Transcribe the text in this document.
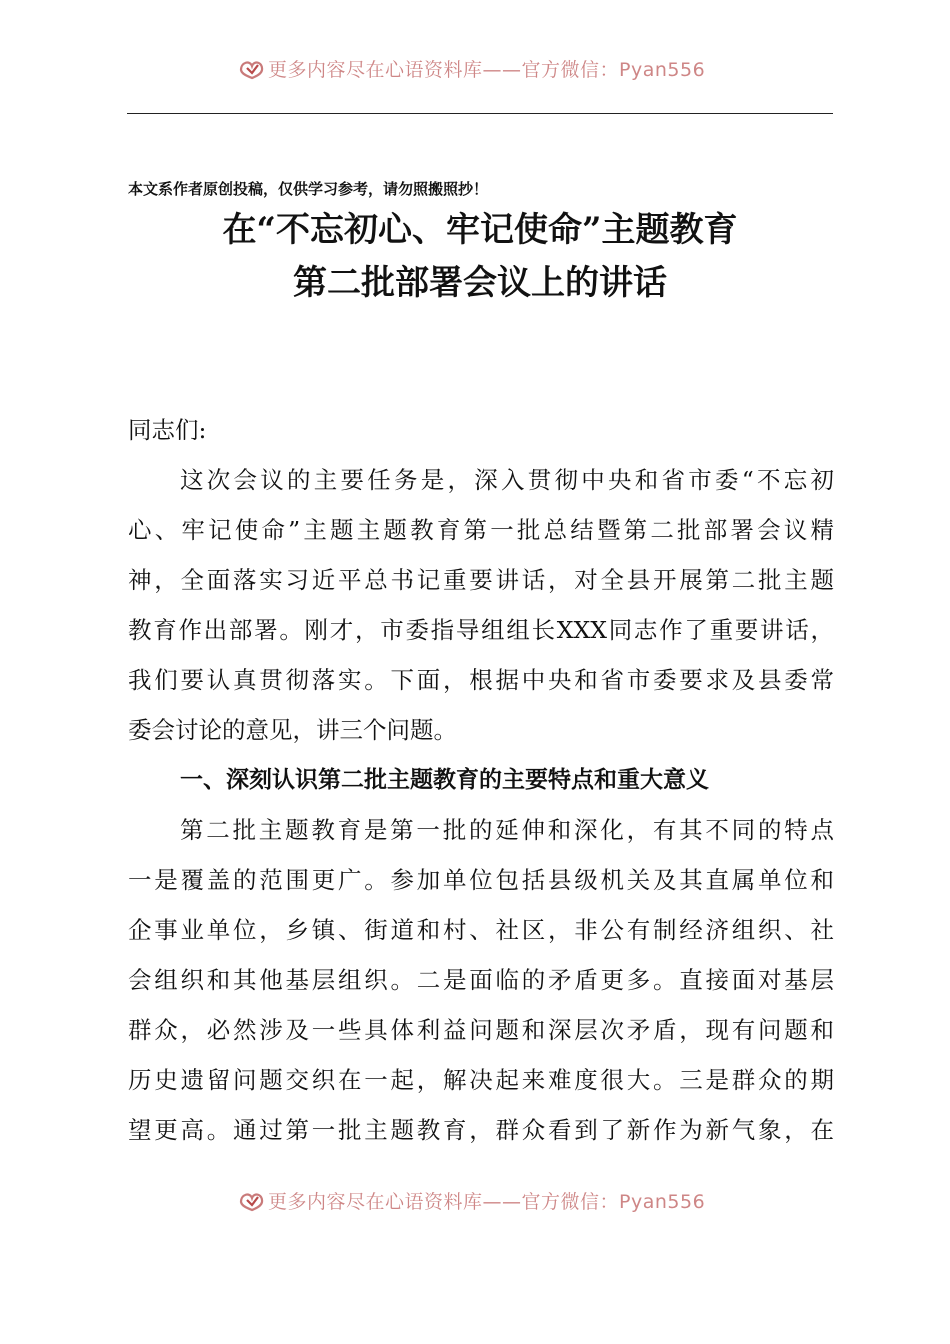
更多内容尽在心语资料库——官方微信：Pyan556
本文系作者原创投稿，仅供学习参考，请勿照搬照抄！
在“不忘初心、牢记使命”主题教育
第二批部署会议上的讲话
同志们:
这次会议的主要任务是，深入贯彻中央和省市委“不忘初
心、牢记使命”主题主题教育第一批总结暨第二批部署会议精
神，全面落实习近平总书记重要讲话，对全县开展第二批主题
教育作出部署。刚才，市委指导组组长XXX同志作了重要讲话，
我们要认真贯彻落实。下面，根据中央和省市委要求及县委常
委会讨论的意见，讲三个问题。
一、深刻认识第二批主题教育的主要特点和重大意义
第二批主题教育是第一批的延伸和深化，有其不同的特点
一是覆盖的范围更广。参加单位包括县级机关及其直属单位和
企事业单位，乡镇、街道和村、社区，非公有制经济组织、社
会组织和其他基层组织。二是面临的矛盾更多。直接面对基层
群众，必然涉及一些具体利益问题和深层次矛盾，现有问题和
历史遗留问题交织在一起，解决起来难度很大。三是群众的期
望更高。通过第一批主题教育，群众看到了新作为新气象，在
更多内容尽在心语资料库——官方微信：Pyan556
